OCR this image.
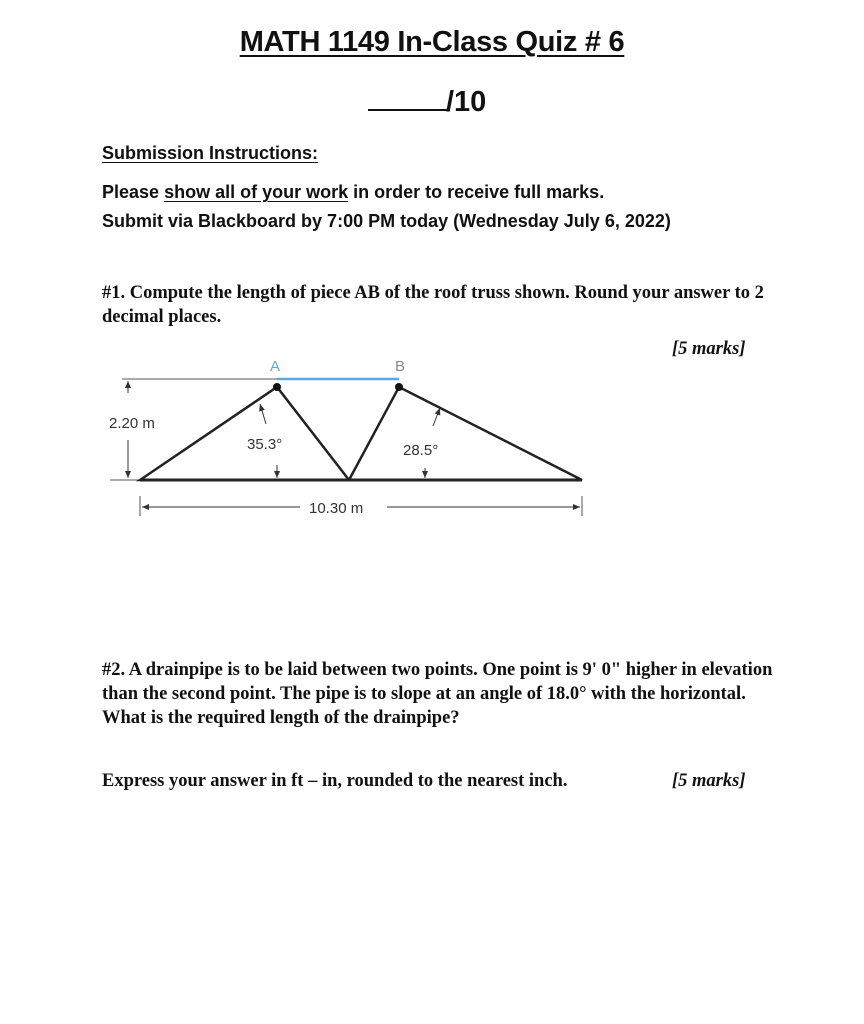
MATH 1149 In-Class Quiz # 6
/10
Submission Instructions:
Please show all of your work in order to receive full marks.
Submit via Blackboard by 7:00 PM today (Wednesday July 6, 2022)
#1. Compute the length of piece AB of the roof truss shown. Round your answer to 2 decimal places.
[5 marks]
A	B
2.20 m
35.3°	28.5°
10.30 m
#2. A drainpipe is to be laid between two points. One point is 9' 0" higher in elevation than the second point. The pipe is to slope at an angle of 18.0° with the horizontal. What is the required length of the drainpipe?
Express your answer in ft – in, rounded to the nearest inch.	[5 marks]
